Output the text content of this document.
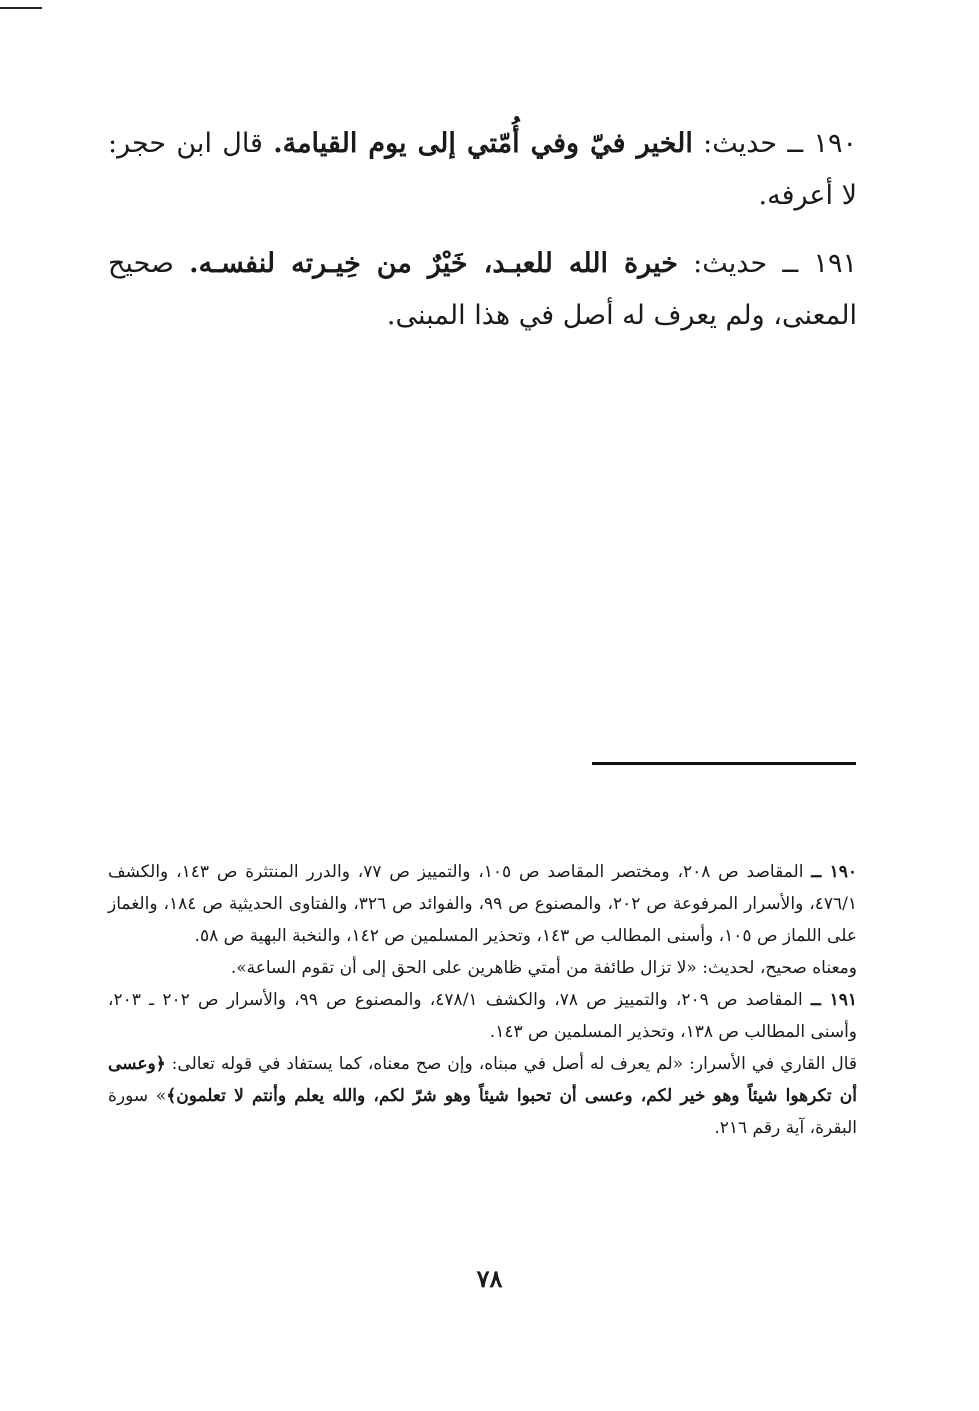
١٩٠ ــ حديث: الخير فيّ وفي أُمّتي إلى يوم القيامة. قال ابن حجر: لا أعرفه.

١٩١ ــ حديث: خيرة الله للعبـد، خَيْرٌ من خِيـرته لنفسـه. صحيح المعنى، ولم يعرف له أصل في هذا المبنى.

١٩٠ ــ المقاصد ص ٢٠٨، ومختصر المقاصد ص ١٠٥، والتمييز ص ٧٧، والدرر المنتثرة ص ١٤٣، والكشف ٤٧٦/١، والأسرار المرفوعة ص ٢٠٢، والمصنوع ص ٩٩، والفوائد ص ٣٢٦، والفتاوى الحديثية ص ١٨٤، والغماز على اللماز ص ١٠٥، وأسنى المطالب ص ١٤٣، وتحذير المسلمين ص ١٤٢، والنخبة البهية ص ٥٨.

ومعناه صحيح، لحديث: «لا تزال طائفة من أمتي ظاهرين على الحق إلى أن تقوم الساعة».

١٩١ ــ المقاصد ص ٢٠٩، والتمييز ص ٧٨، والكشف ٤٧٨/١، والمصنوع ص ٩٩، والأسرار ص ٢٠٢ ـ ٢٠٣، وأسنى المطالب ص ١٣٨، وتحذير المسلمين ص ١٤٣.

قال القاري في الأسرار: «لم يعرف له أصل في مبناه، وإن صح معناه، كما يستفاد في قوله تعالى: ﴿وعسى أن تكرهوا شيئاً وهو خير لكم، وعسى أن تحبوا شيئاً وهو شرّ لكم، والله يعلم وأنتم لا تعلمون﴾» سورة البقرة، آية رقم ٢١٦.

٧٨
